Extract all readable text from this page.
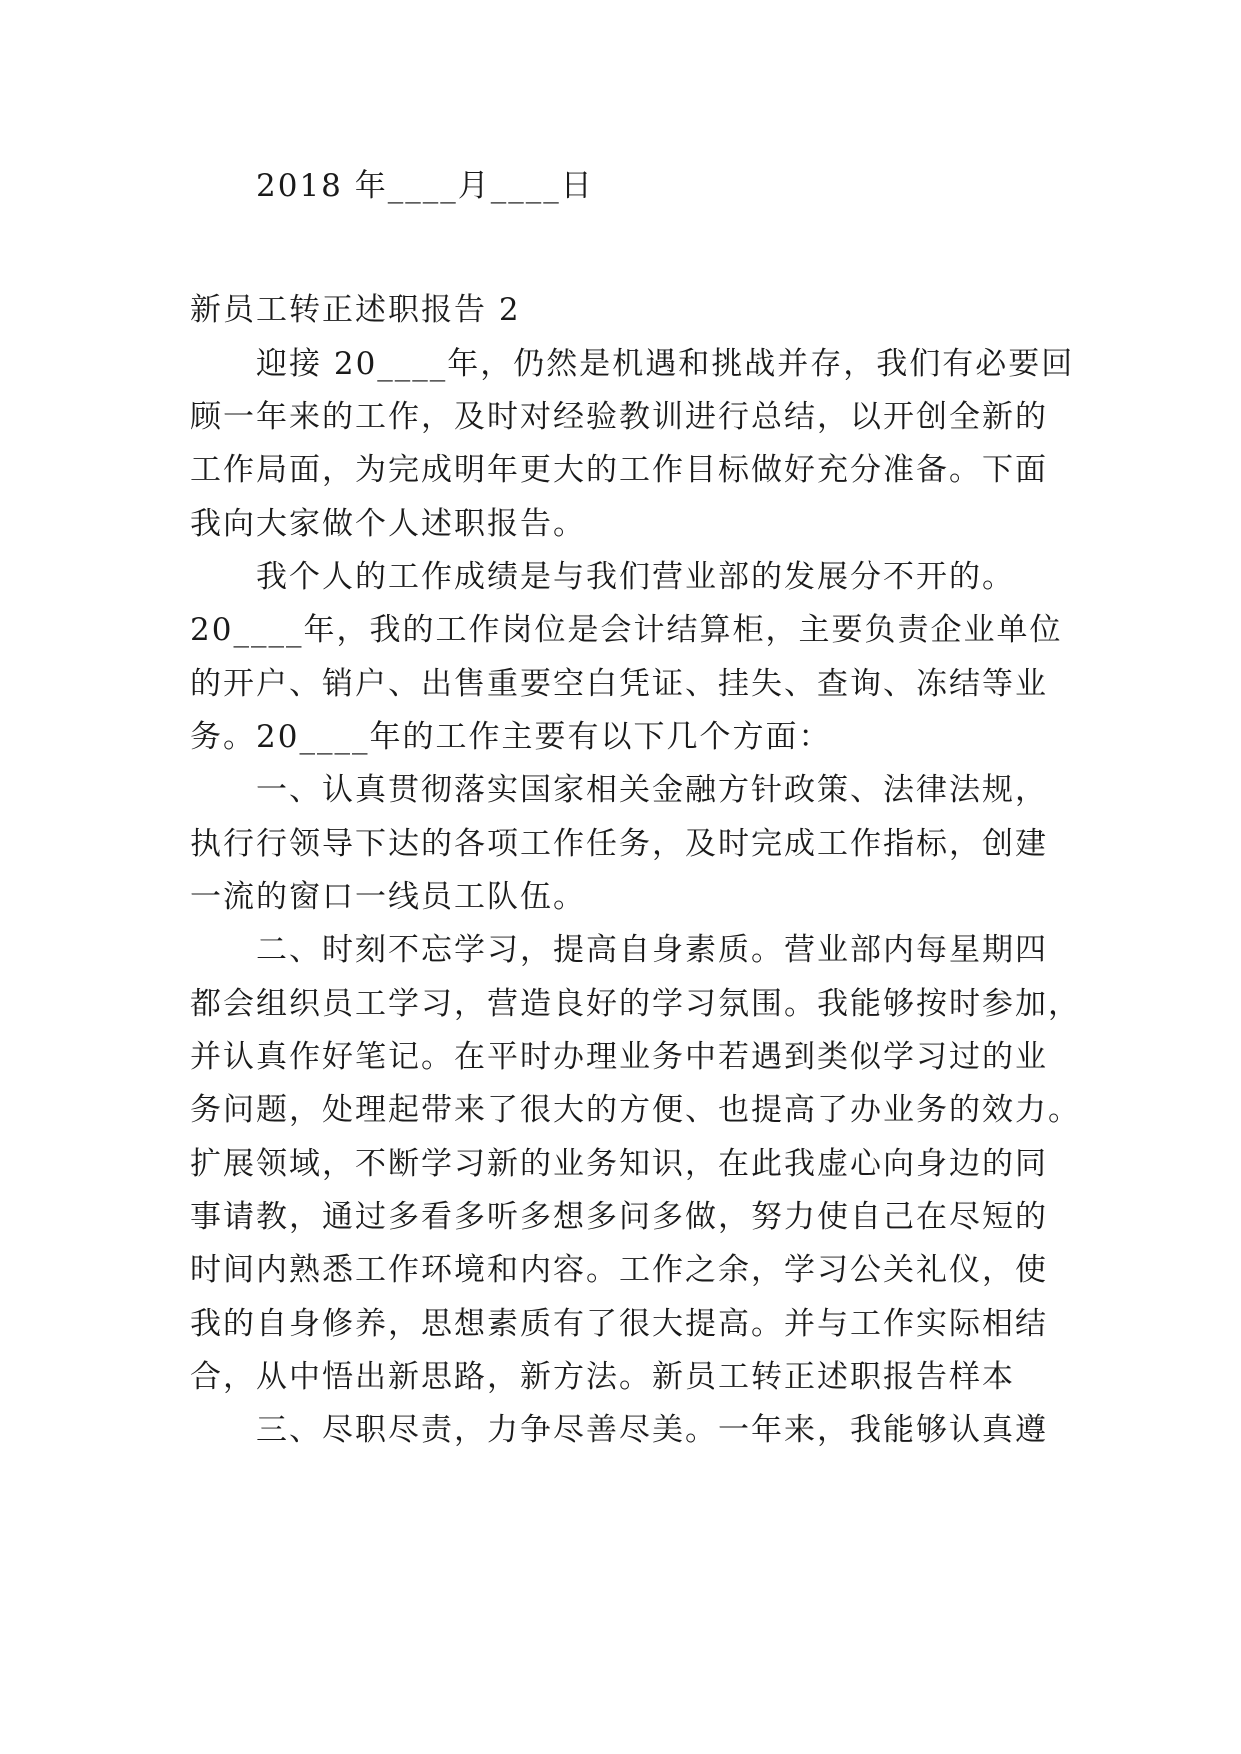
2018 年____月____日
新员工转正述职报告 2
迎接 20____年，仍然是机遇和挑战并存，我们有必要回
顾一年来的工作，及时对经验教训进行总结，以开创全新的
工作局面，为完成明年更大的工作目标做好充分准备。下面
我向大家做个人述职报告。
我个人的工作成绩是与我们营业部的发展分不开的。
20____年，我的工作岗位是会计结算柜，主要负责企业单位
的开户、销户、出售重要空白凭证、挂失、查询、冻结等业
务。20____年的工作主要有以下几个方面：
一、认真贯彻落实国家相关金融方针政策、法律法规，
执行行领导下达的各项工作任务，及时完成工作指标，创建
一流的窗口一线员工队伍。
二、时刻不忘学习，提高自身素质。营业部内每星期四
都会组织员工学习，营造良好的学习氛围。我能够按时参加，
并认真作好笔记。在平时办理业务中若遇到类似学习过的业
务问题，处理起带来了很大的方便、也提高了办业务的效力。
扩展领域，不断学习新的业务知识，在此我虚心向身边的同
事请教，通过多看多听多想多问多做，努力使自己在尽短的
时间内熟悉工作环境和内容。工作之余，学习公关礼仪，使
我的自身修养，思想素质有了很大提高。并与工作实际相结
合，从中悟出新思路，新方法。新员工转正述职报告样本
三、尽职尽责，力争尽善尽美。一年来，我能够认真遵
